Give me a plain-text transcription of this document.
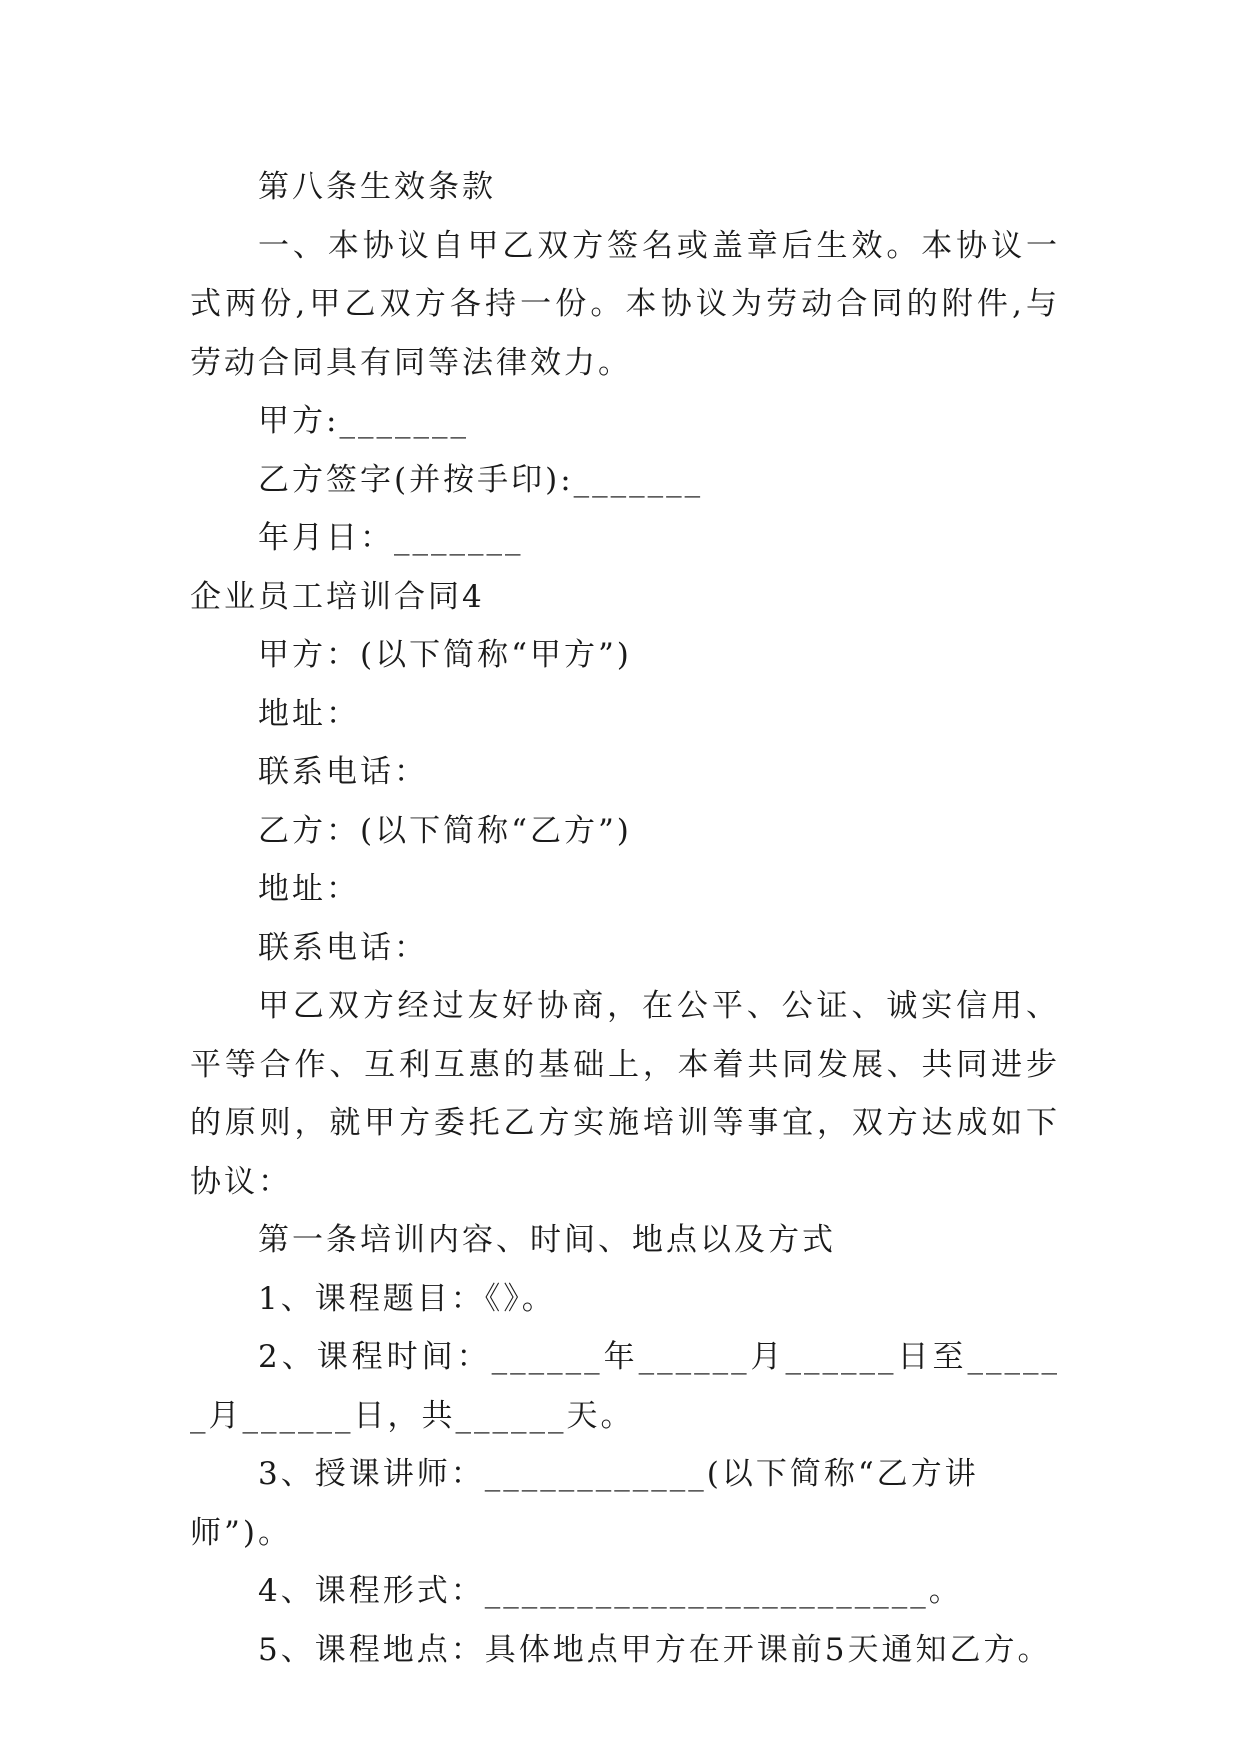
第八条生效条款

一、本协议自甲乙双方签名或盖章后生效。本协议一式两份,甲乙双方各持一份。本协议为劳动合同的附件,与劳动合同具有同等法律效力。

甲方:_______

乙方签字(并按手印):_______

年月日：_______

企业员工培训合同4

甲方：(以下简称“甲方”)

地址：

联系电话：

乙方：(以下简称“乙方”)

地址：

联系电话：

甲乙双方经过友好协商，在公平、公证、诚实信用、平等合作、互利互惠的基础上，本着共同发展、共同进步的原则，就甲方委托乙方实施培训等事宜，双方达成如下协议：

第一条培训内容、时间、地点以及方式

1、课程题目：《》。

2、课程时间：______年______月______日至______月______日，共______天。

3、授课讲师：____________(以下简称“乙方讲师”)。

4、课程形式：________________________。

5、课程地点：具体地点甲方在开课前5天通知乙方。
